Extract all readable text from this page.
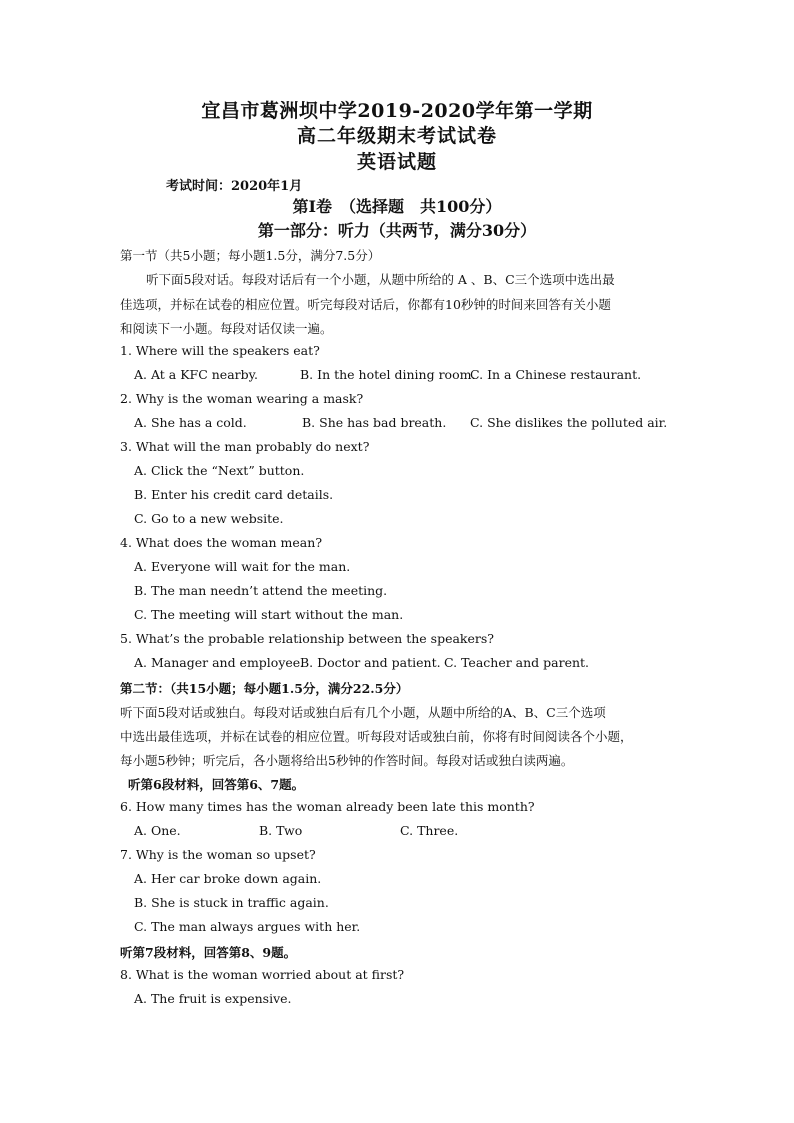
宜昌市葛洲坝中学2019-2020学年第一学期
高二年级期末考试试卷
英语试题
考试时间：2020年1月
第Ⅰ卷　（选择题　共100分）
第一部分：听力（共两节，满分30分）
第一节（共5小题；每小题1.5分，满分7.5分）
听下面5段对话。每段对话后有一个小题，从题中所给的 A 、B、C三个选项中选出最
佳选项，并标在试卷的相应位置。听完每段对话后，你都有10秒钟的时间来回答有关小题
和阅读下一小题。每段对话仅读一遍。
1. Where will the speakers eat?
A. At a KFC nearby.	B. In the hotel dining room.
C. In a Chinese restaurant.
2. Why is the woman wearing a mask?
A. She has a cold.	B. She has bad breath. C. She dislikes the polluted air.
3. What will the man probably do next?
A. Click the “Next” button.
B. Enter his credit card details.
C. Go to a new website.
4. What does the woman mean?
A. Everyone will wait for the man.
B. The man needn’t attend the meeting.
C. The meeting will start without the man.
5. What’s the probable relationship between the speakers?
A. Manager and employee.
B. Doctor and patient. C. Teacher and parent.
第二节：（共15小题；每小题1.5分，满分22.5分）
听下面5段对话或独白。每段对话或独白后有几个小题，从题中所给的A、B、C三个选项
中选出最佳选项，并标在试卷的相应位置。听每段对话或独白前，你将有时间阅读各个小题，
每小题5秒钟；听完后，各小题将给出5秒钟的作答时间。每段对话或独白读两遍。
听第6段材料，回答第6、7题。
6. How many times has the woman already been late this month?
A. One.	B. Two	C. Three.
7. Why is the woman so upset?
A. Her car broke down again.
B. She is stuck in traffic again.
C. The man always argues with her.
听第7段材料，回答第8、9题。
8. What is the woman worried about at first?
A. The fruit is expensive.
